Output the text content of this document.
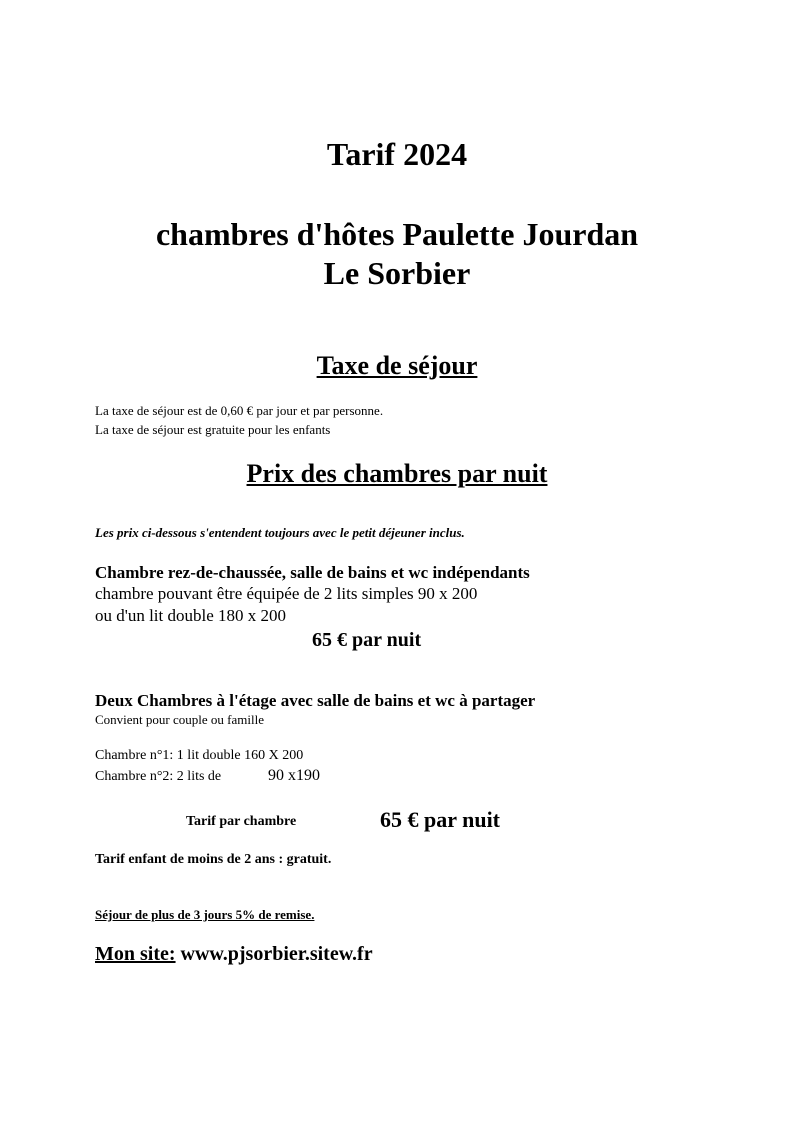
Tarif 2024
chambres d'hôtes Paulette Jourdan
Le Sorbier
Taxe de séjour
La taxe de séjour est de 0,60 € par jour et par personne.
La taxe de séjour est gratuite pour les enfants
Prix des chambres par nuit
Les prix ci-dessous s'entendent toujours avec le petit déjeuner inclus.
Chambre rez-de-chaussée, salle de bains et wc indépendants
chambre pouvant être équipée de 2 lits simples 90 x 200
ou d'un lit double 180 x 200
65 € par nuit
Deux Chambres à l'étage avec salle de bains et wc à partager
Convient pour couple ou famille
Chambre n°1: 1 lit double 160 X 200
Chambre n°2: 2 lits de	90 x190
Tarif par chambre	65 € par nuit
Tarif enfant de moins de 2 ans : gratuit.
Séjour de plus de 3 jours 5% de remise.
Mon site: www.pjsorbier.sitew.fr
